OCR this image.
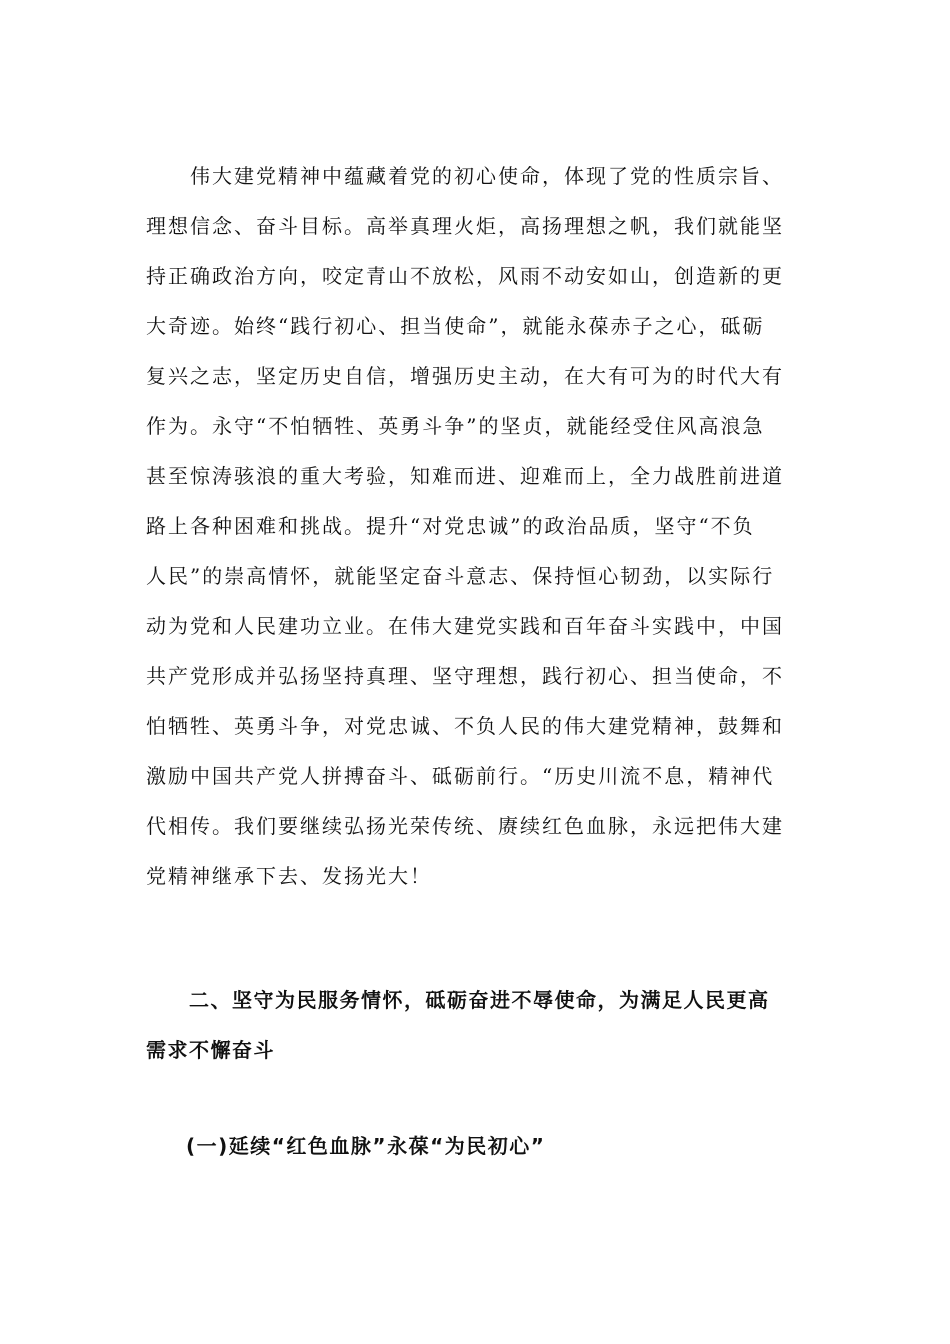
　　伟大建党精神中蕴藏着党的初心使命，体现了党的性质宗旨、
理想信念、奋斗目标。高举真理火炬，高扬理想之帆，我们就能坚
持正确政治方向，咬定青山不放松，风雨不动安如山，创造新的更
大奇迹。始终“践行初心、担当使命”，就能永葆赤子之心，砥砺
复兴之志，坚定历史自信，增强历史主动，在大有可为的时代大有
作为。永守“不怕牺牲、英勇斗争”的坚贞，就能经受住风高浪急
甚至惊涛骇浪的重大考验，知难而进、迎难而上，全力战胜前进道
路上各种困难和挑战。提升“对党忠诚”的政治品质，坚守“不负
人民”的崇高情怀，就能坚定奋斗意志、保持恒心韧劲，以实际行
动为党和人民建功立业。在伟大建党实践和百年奋斗实践中，中国
共产党形成并弘扬坚持真理、坚守理想，践行初心、担当使命，不
怕牺牲、英勇斗争，对党忠诚、不负人民的伟大建党精神，鼓舞和
激励中国共产党人拼搏奋斗、砥砺前行。“历史川流不息，精神代
代相传。我们要继续弘扬光荣传统、赓续红色血脉，永远把伟大建
党精神继承下去、发扬光大！

　　二、坚守为民服务情怀，砥砺奋进不辱使命，为满足人民更高
需求不懈奋斗
(一)延续“红色血脉”永葆“为民初心”
